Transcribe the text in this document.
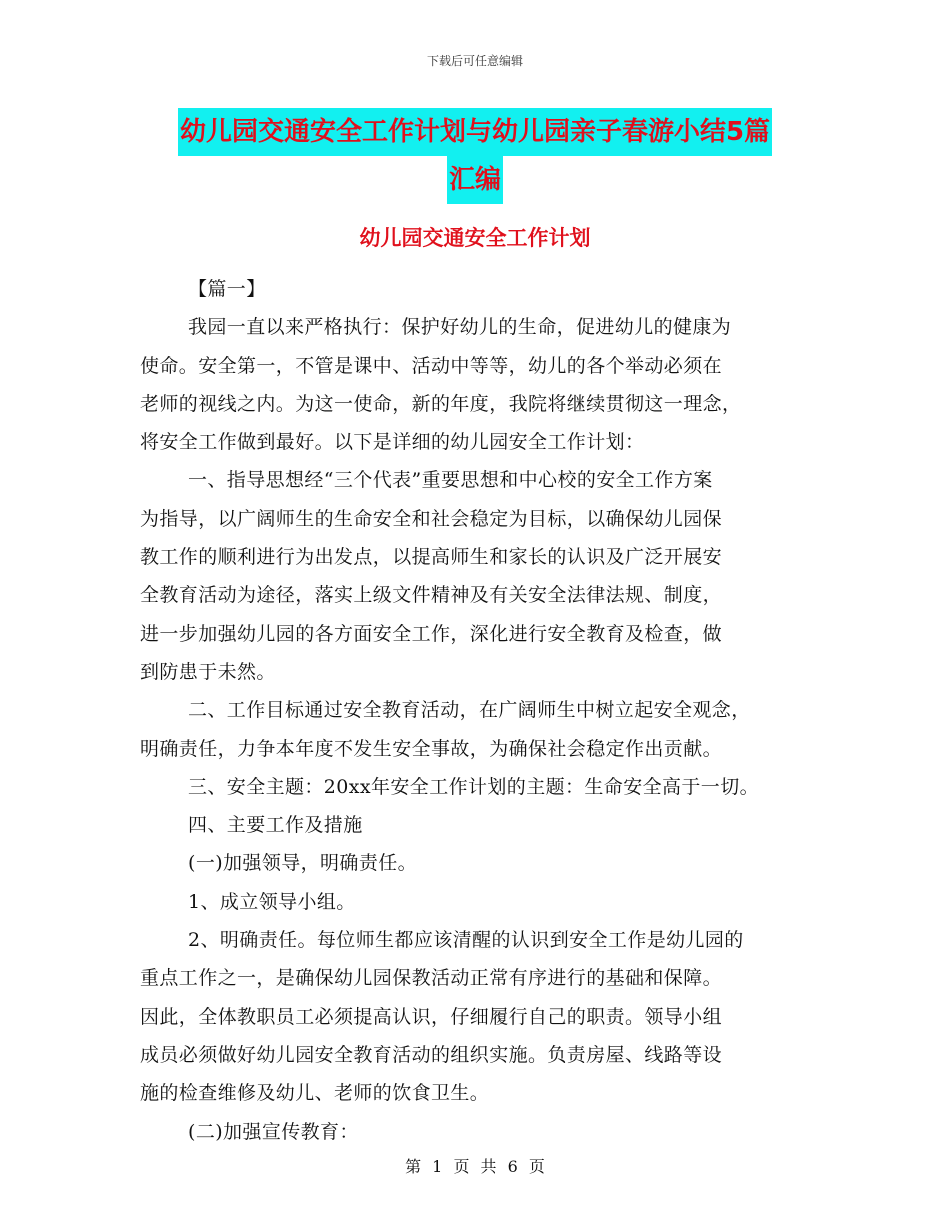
下载后可任意编辑
幼儿园交通安全工作计划与幼儿园亲子春游小结5篇
汇编
幼儿园交通安全工作计划

【篇一】

我园一直以来严格执行：保护好幼儿的生命，促进幼儿的健康为

使命。安全第一，不管是课中、活动中等等，幼儿的各个举动必须在

老师的视线之内。为这一使命，新的年度，我院将继续贯彻这一理念，

将安全工作做到最好。以下是详细的幼儿园安全工作计划：

一、指导思想经“三个代表”重要思想和中心校的安全工作方案

为指导，以广阔师生的生命安全和社会稳定为目标，以确保幼儿园保

教工作的顺利进行为出发点，以提高师生和家长的认识及广泛开展安

全教育活动为途径，落实上级文件精神及有关安全法律法规、制度，

进一步加强幼儿园的各方面安全工作，深化进行安全教育及检查，做

到防患于未然。

二、工作目标通过安全教育活动，在广阔师生中树立起安全观念，

明确责任，力争本年度不发生安全事故，为确保社会稳定作出贡献。

三、安全主题：20xx年安全工作计划的主题：生命安全高于一切。

四、主要工作及措施

(一)加强领导，明确责任。

1、成立领导小组。

2、明确责任。每位师生都应该清醒的认识到安全工作是幼儿园的

重点工作之一，是确保幼儿园保教活动正常有序进行的基础和保障。

因此，全体教职员工必须提高认识，仔细履行自己的职责。领导小组

成员必须做好幼儿园安全教育活动的组织实施。负责房屋、线路等设

施的检查维修及幼儿、老师的饮食卫生。

(二)加强宣传教育：

第 1 页 共 6 页
